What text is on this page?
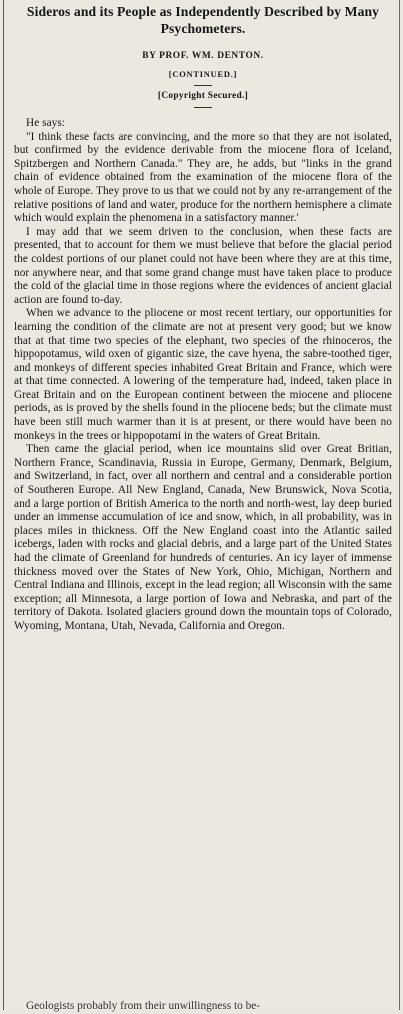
Sideros and its People as Independently Described by Many Psychometers.
BY PROF. WM. DENTON.
[CONTINUED.]
[Copyright Secured.]

He says:

"I think these facts are convincing, and the more so that they are not isolated, but confirmed by the evidence derivable from the miocene flora of Iceland, Spitzbergen and Northern Canada." They are, he adds, but "links in the grand chain of evidence obtained from the examination of the miocene flora of the whole of Europe. They prove to us that we could not by any re-arrangement of the relative positions of land and water, produce for the northern hemisphere a climate which would explain the phenomena in a satisfactory manner.'

I may add that we seem driven to the conclusion, when these facts are presented, that to account for them we must believe that before the glacial period the coldest portions of our planet could not have been where they are at this time, nor anywhere near, and that some grand change must have taken place to produce the cold of the glacial time in those regions where the evidences of ancient glacial action are found to-day.

When we advance to the pliocene or most recent tertiary, our opportunities for learning the condition of the climate are not at present very good; but we know that at that time two species of the elephant, two species of the rhinoceros, the hippopotamus, wild oxen of gigantic size, the cave hyena, the sabre-toothed tiger, and monkeys of different species inhabited Great Britain and France, which were at that time connected. A lowering of the temperature had, indeed, taken place in Great Britain and on the European continent between the miocene and pliocene periods, as is proved by the shells found in the pliocene beds; but the climate must have been still much warmer than it is at present, or there would have been no monkeys in the trees or hippopotami in the waters of Great Britain.

Then came the glacial period, when ice mountains slid over Great Britian, Northern France, Scandinavia, Russia in Europe, Germany, Denmark, Belgium, and Switzerland, in fact, over all northern and central and a considerable portion of Southeren Europe. All New England, Canada, New Brunswick, Nova Scotia, and a large portion of British America to the north and north-west, lay deep buried under an immense accumulation of ice and snow, which, in all probability, was in places miles in thickness. Off the New England coast into the Atlantic sailed icebergs, laden with rocks and glacial debris, and a large part of the United States had the climate of Greenland for hundreds of centuries. An icy layer of immense thickness moved over the States of New York, Ohio, Michigan, Northern and Central Indiana and Illinois, except in the lead region; all Wisconsin with the same exception; all Minnesota, a large portion of Iowa and Nebraska, and part of the territory of Dakota. Isolated glaciers ground down the mountain tops of Colorado, Wyoming, Montana, Utah, Nevada, California and Oregon.

Geologists probably from their unwillingness to be-
